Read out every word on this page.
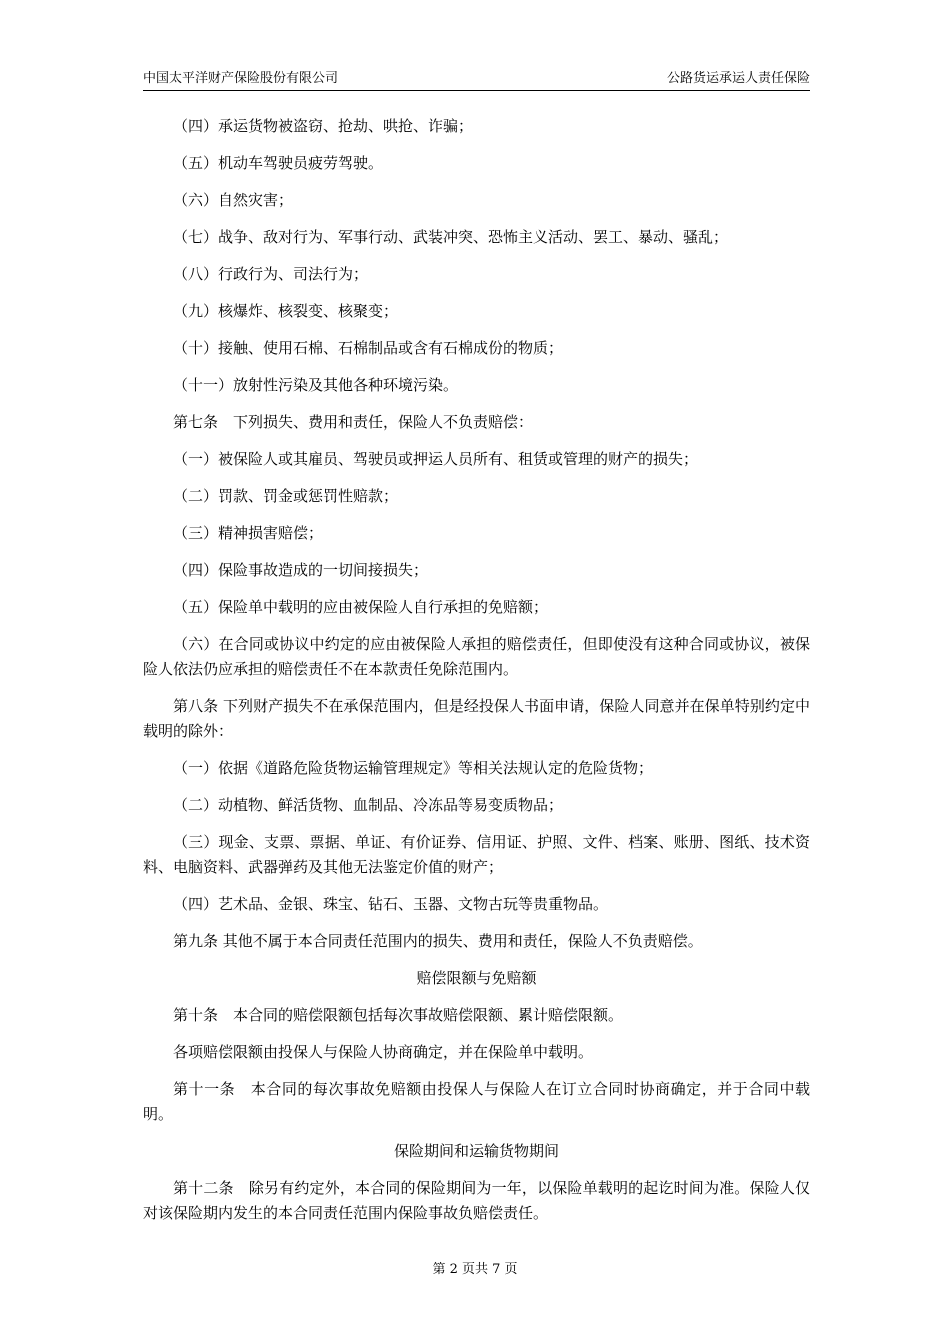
中国太平洋财产保险股份有限公司	公路货运承运人责任保险

（四）承运货物被盗窃、抢劫、哄抢、诈骗；

（五）机动车驾驶员疲劳驾驶。

（六）自然灾害；

（七）战争、敌对行为、军事行动、武装冲突、恐怖主义活动、罢工、暴动、骚乱；

（八）行政行为、司法行为；

（九）核爆炸、核裂变、核聚变；

（十）接触、使用石棉、石棉制品或含有石棉成份的物质；

（十一）放射性污染及其他各种环境污染。

第七条　下列损失、费用和责任，保险人不负责赔偿：

（一）被保险人或其雇员、驾驶员或押运人员所有、租赁或管理的财产的损失；

（二）罚款、罚金或惩罚性赔款；

（三）精神损害赔偿；

（四）保险事故造成的一切间接损失；

（五）保险单中载明的应由被保险人自行承担的免赔额；

（六）在合同或协议中约定的应由被保险人承担的赔偿责任，但即使没有这种合同或协议，被保险人依法仍应承担的赔偿责任不在本款责任免除范围内。

第八条 下列财产损失不在承保范围内，但是经投保人书面申请，保险人同意并在保单特别约定中载明的除外：

（一）依据《道路危险货物运输管理规定》等相关法规认定的危险货物；

（二）动植物、鲜活货物、血制品、冷冻品等易变质物品；

（三）现金、支票、票据、单证、有价证券、信用证、护照、文件、档案、账册、图纸、技术资料、电脑资料、武器弹药及其他无法鉴定价值的财产；

（四）艺术品、金银、珠宝、钻石、玉器、文物古玩等贵重物品。

第九条 其他不属于本合同责任范围内的损失、费用和责任，保险人不负责赔偿。

赔偿限额与免赔额

第十条　本合同的赔偿限额包括每次事故赔偿限额、累计赔偿限额。

各项赔偿限额由投保人与保险人协商确定，并在保险单中载明。

第十一条　本合同的每次事故免赔额由投保人与保险人在订立合同时协商确定，并于合同中载明。

保险期间和运输货物期间

第十二条　除另有约定外，本合同的保险期间为一年，以保险单载明的起讫时间为准。保险人仅对该保险期内发生的本合同责任范围内保险事故负赔偿责任。

第 2 页共 7 页
